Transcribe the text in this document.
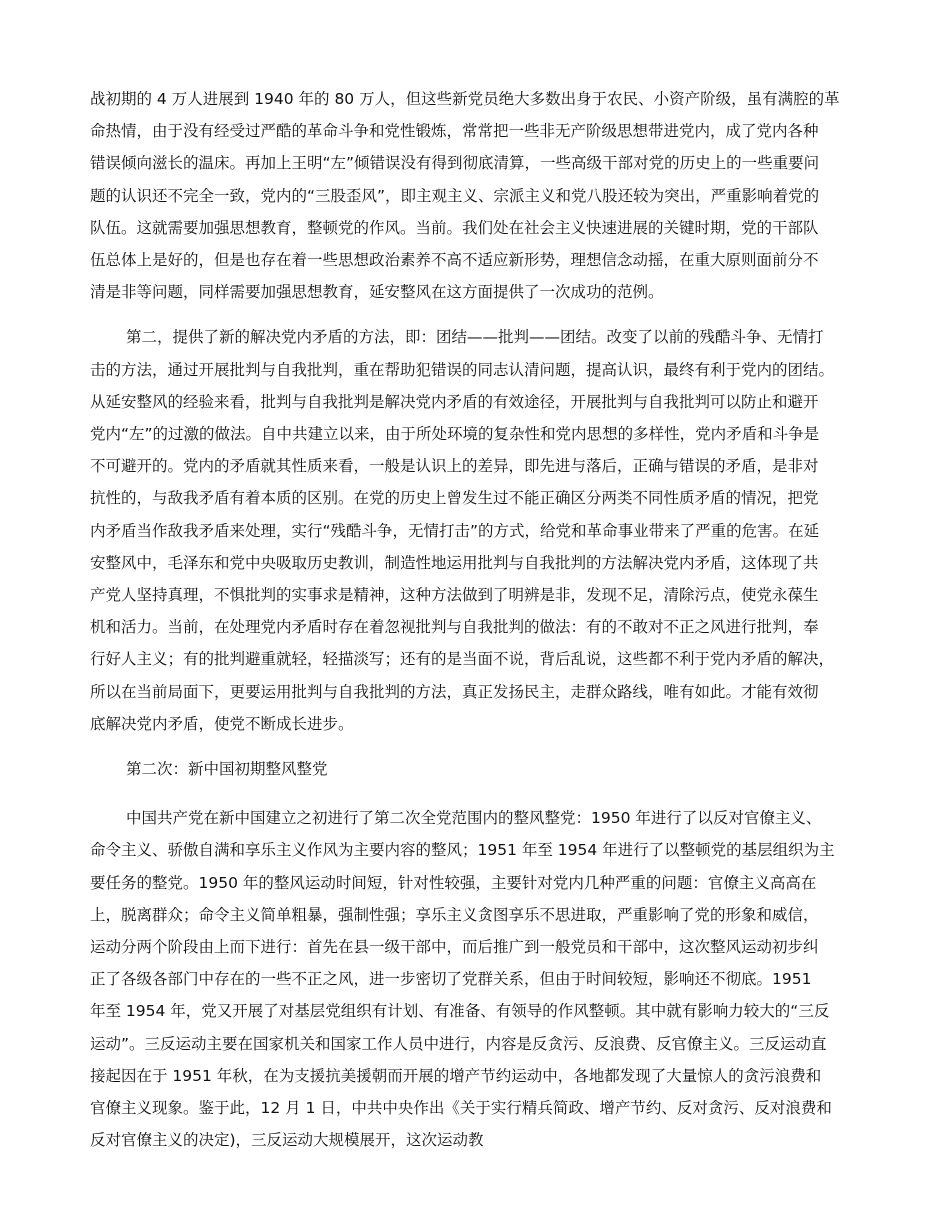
战初期的 4 万人进展到 1940 年的 80 万人，但这些新党员绝大多数出身于农民、小资产阶级，虽有满腔的革
命热情，由于没有经受过严酷的革命斗争和党性锻炼，常常把一些非无产阶级思想带进党内，成了党内各种
错误倾向滋长的温床。再加上王明“左”倾错误没有得到彻底清算，一些高级干部对党的历史上的一些重要问
题的认识还不完全一致，党内的“三股歪风”，即主观主义、宗派主义和党八股还较为突出，严重影响着党的
队伍。这就需要加强思想教育，整顿党的作风。当前。我们处在社会主义快速进展的关键时期，党的干部队
伍总体上是好的，但是也存在着一些思想政治素养不高不适应新形势，理想信念动摇，在重大原则面前分不
清是非等问题，同样需要加强思想教育，延安整风在这方面提供了一次成功的范例。
第二，提供了新的解决党内矛盾的方法，即：团结——批判——团结。改变了以前的残酷斗争、无情打
击的方法，通过开展批判与自我批判，重在帮助犯错误的同志认清问题，提高认识，最终有利于党内的团结。
从延安整风的经验来看，批判与自我批判是解决党内矛盾的有效途径，开展批判与自我批判可以防止和避开
党内“左”的过激的做法。自中共建立以来，由于所处环境的复杂性和党内思想的多样性，党内矛盾和斗争是
不可避开的。党内的矛盾就其性质来看，一般是认识上的差异，即先进与落后，正确与错误的矛盾，是非对
抗性的，与敌我矛盾有着本质的区别。在党的历史上曾发生过不能正确区分两类不同性质矛盾的情况，把党
内矛盾当作敌我矛盾来处理，实行“残酷斗争，无情打击”的方式，给党和革命事业带来了严重的危害。在延
安整风中，毛泽东和党中央吸取历史教训，制造性地运用批判与自我批判的方法解决党内矛盾，这体现了共
产党人坚持真理，不惧批判的实事求是精神，这种方法做到了明辨是非，发现不足，清除污点，使党永葆生
机和活力。当前，在处理党内矛盾时存在着忽视批判与自我批判的做法：有的不敢对不正之风进行批判，奉
行好人主义；有的批判避重就轻，轻描淡写；还有的是当面不说，背后乱说，这些都不利于党内矛盾的解决，
所以在当前局面下，更要运用批判与自我批判的方法，真正发扬民主，走群众路线，唯有如此。才能有效彻
底解决党内矛盾，使党不断成长进步。
第二次：新中国初期整风整党
中国共产党在新中国建立之初进行了第二次全党范围内的整风整党：1950 年进行了以反对官僚主义、
命令主义、骄傲自满和享乐主义作风为主要内容的整风；1951 年至 1954 年进行了以整顿党的基层组织为主
要任务的整党。1950 年的整风运动时间短，针对性较强，主要针对党内几种严重的问题：官僚主义高高在
上，脱离群众；命令主义简单粗暴，强制性强；享乐主义贪图享乐不思进取，严重影响了党的形象和威信，
运动分两个阶段由上而下进行：首先在县一级干部中，而后推广到一般党员和干部中，这次整风运动初步纠
正了各级各部门中存在的一些不正之风，进一步密切了党群关系，但由于时间较短，影响还不彻底。1951
年至 1954 年，党又开展了对基层党组织有计划、有准备、有领导的作风整顿。其中就有影响力较大的“三反
运动”。三反运动主要在国家机关和国家工作人员中进行，内容是反贪污、反浪费、反官僚主义。三反运动直
接起因在于 1951 年秋，在为支援抗美援朝而开展的增产节约运动中，各地都发现了大量惊人的贪污浪费和
官僚主义现象。鉴于此，12 月 1 日，中共中央作出《关于实行精兵简政、增产节约、反对贪污、反对浪费和
反对官僚主义的决定)，三反运动大规模展开，这次运动教
